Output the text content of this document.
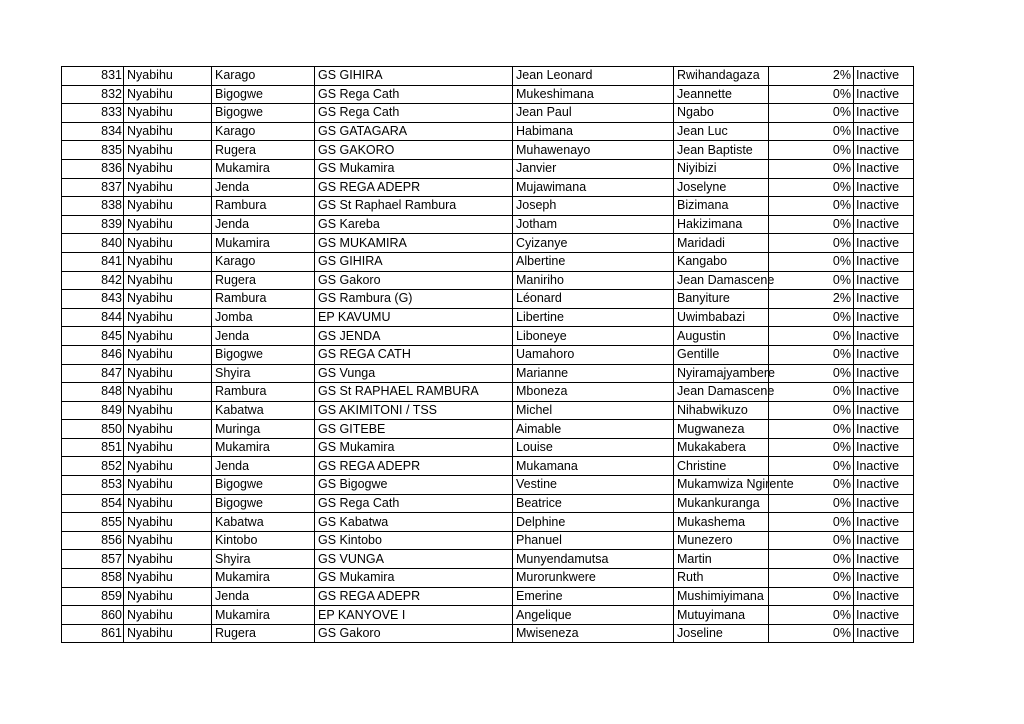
831	Nyabihu	Karago	GS GIHIRA	Jean Leonard	Rwihandagaza	2%	Inactive
832	Nyabihu	Bigogwe	GS Rega Cath	Mukeshimana	Jeannette	0%	Inactive
833	Nyabihu	Bigogwe	GS Rega Cath	Jean Paul	Ngabo	0%	Inactive
834	Nyabihu	Karago	GS GATAGARA	Habimana	Jean Luc	0%	Inactive
835	Nyabihu	Rugera	GS GAKORO	Muhawenayo	Jean Baptiste	0%	Inactive
836	Nyabihu	Mukamira	GS Mukamira	Janvier	Niyibizi	0%	Inactive
837	Nyabihu	Jenda	GS REGA ADEPR	Mujawimana	Joselyne	0%	Inactive
838	Nyabihu	Rambura	GS St Raphael Rambura	Joseph	Bizimana	0%	Inactive
839	Nyabihu	Jenda	GS Kareba	Jotham	Hakizimana	0%	Inactive
840	Nyabihu	Mukamira	GS MUKAMIRA	Cyizanye	Maridadi	0%	Inactive
841	Nyabihu	Karago	GS GIHIRA	Albertine	Kangabo	0%	Inactive
842	Nyabihu	Rugera	GS Gakoro	Maniriho	Jean Damascene	0%	Inactive
843	Nyabihu	Rambura	GS Rambura (G)	Léonard	Banyiture	2%	Inactive
844	Nyabihu	Jomba	EP KAVUMU	Libertine	Uwimbabazi	0%	Inactive
845	Nyabihu	Jenda	GS JENDA	Liboneye	Augustin	0%	Inactive
846	Nyabihu	Bigogwe	GS REGA CATH	Uamahoro	Gentille	0%	Inactive
847	Nyabihu	Shyira	GS Vunga	Marianne	Nyiramajyambere	0%	Inactive
848	Nyabihu	Rambura	GS St RAPHAEL RAMBURA	Mboneza	Jean Damascene	0%	Inactive
849	Nyabihu	Kabatwa	GS AKIMITONI / TSS	Michel	Nihabwikuzo	0%	Inactive
850	Nyabihu	Muringa	GS GITEBE	Aimable	Mugwaneza	0%	Inactive
851	Nyabihu	Mukamira	GS Mukamira	Louise	Mukakabera	0%	Inactive
852	Nyabihu	Jenda	GS REGA ADEPR	Mukamana	Christine	0%	Inactive
853	Nyabihu	Bigogwe	GS Bigogwe	Vestine	Mukamwiza Ngirente	0%	Inactive
854	Nyabihu	Bigogwe	GS Rega Cath	Beatrice	Mukankuranga	0%	Inactive
855	Nyabihu	Kabatwa	GS Kabatwa	Delphine	Mukashema	0%	Inactive
856	Nyabihu	Kintobo	GS Kintobo	Phanuel	Munezero	0%	Inactive
857	Nyabihu	Shyira	GS VUNGA	Munyendamutsa	Martin	0%	Inactive
858	Nyabihu	Mukamira	GS Mukamira	Murorunkwere	Ruth	0%	Inactive
859	Nyabihu	Jenda	GS REGA ADEPR	Emerine	Mushimiyimana	0%	Inactive
860	Nyabihu	Mukamira	EP KANYOVE I	Angelique	Mutuyimana	0%	Inactive
861	Nyabihu	Rugera	GS Gakoro	Mwiseneza	Joseline	0%	Inactive
